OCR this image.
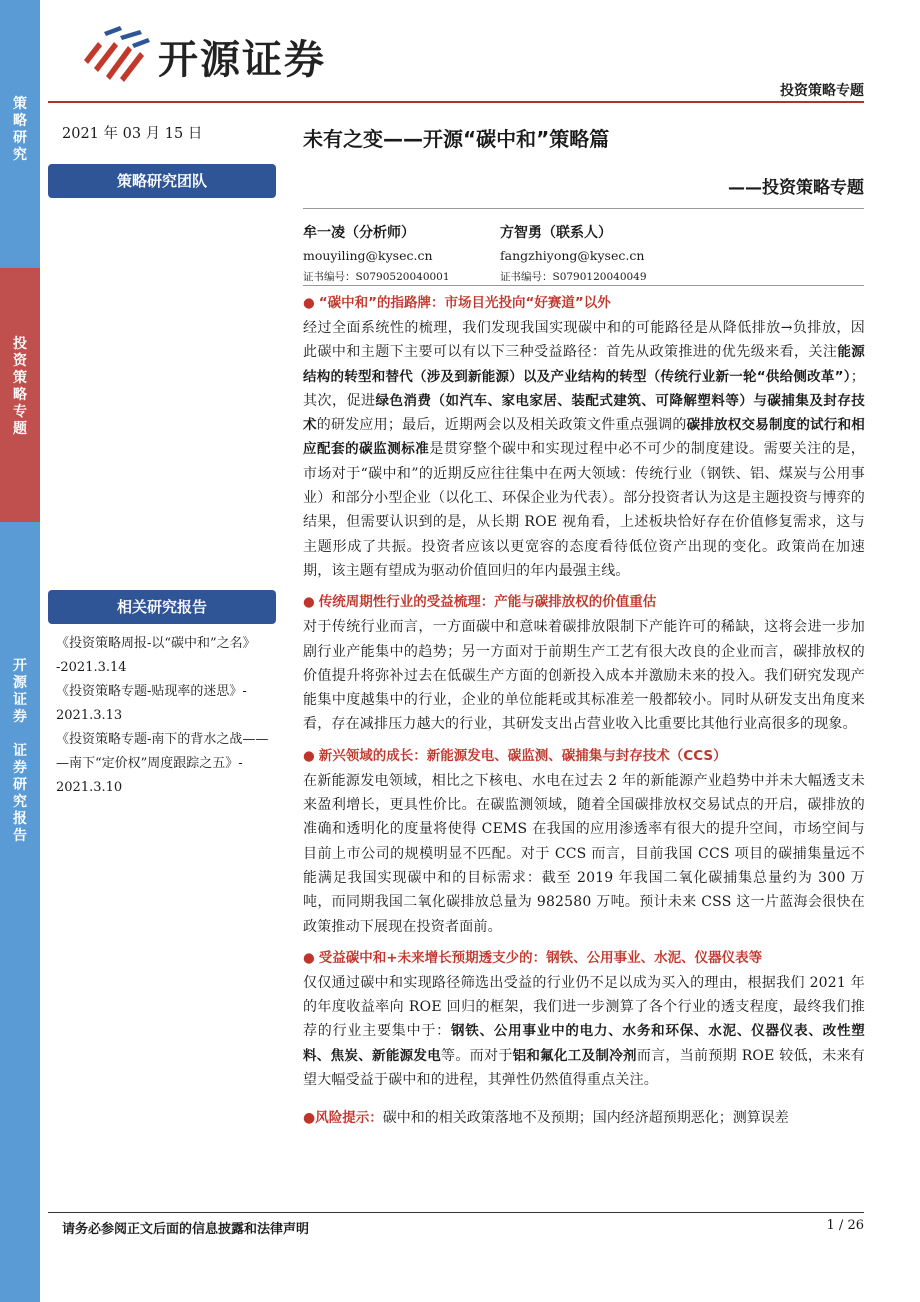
策
略
研
究
投
资
策
略
专
题
开
源
证
券

证
券
研
究
报
告
开源证券
投资策略专题
2021 年 03 月 15 日
策略研究团队
相关研究报告
《投资策略周报-以“碳中和”之名》
-2021.3.14
《投资策略专题-贴现率的迷思》-
2021.3.13
《投资策略专题-南下的背水之战——
—南下“定价权”周度跟踪之五》-
2021.3.10
未有之变——开源“碳中和”策略篇
——投资策略专题
牟一凌（分析师）
mouyiling@kysec.cn
证书编号：S0790520040001
方智勇（联系人）
fangzhiyong@kysec.cn
证书编号：S0790120040049
● “碳中和”的指路牌：市场目光投向“好赛道”以外

经过全面系统性的梳理，我们发现我国实现碳中和的可能路径是从降低排放→负排放，因此碳中和主题下主要可以有以下三种受益路径：首先从政策推进的优先级来看，关注能源结构的转型和替代（涉及到新能源）以及产业结构的转型（传统行业新一轮“供给侧改革”）；其次，促进绿色消费（如汽车、家电家居、装配式建筑、可降解塑料等）与碳捕集及封存技术的研发应用；最后，近期两会以及相关政策文件重点强调的碳排放权交易制度的试行和相应配套的碳监测标准是贯穿整个碳中和实现过程中必不可少的制度建设。需要关注的是，市场对于“碳中和”的近期反应往往集中在两大领域：传统行业（钢铁、铝、煤炭与公用事业）和部分小型企业（以化工、环保企业为代表）。部分投资者认为这是主题投资与博弈的结果，但需要认识到的是，从长期 ROE 视角看，上述板块恰好存在价值修复需求，这与主题形成了共振。投资者应该以更宽容的态度看待低位资产出现的变化。政策尚在加速期，该主题有望成为驱动价值回归的年内最强主线。

● 传统周期性行业的受益梳理：产能与碳排放权的价值重估

对于传统行业而言，一方面碳中和意味着碳排放限制下产能许可的稀缺，这将会进一步加剧行业产能集中的趋势；另一方面对于前期生产工艺有很大改良的企业而言，碳排放权的价值提升将弥补过去在低碳生产方面的创新投入成本并激励未来的投入。我们研究发现产能集中度越集中的行业，企业的单位能耗或其标准差一般都较小。同时从研发支出角度来看，存在减排压力越大的行业，其研发支出占营业收入比重要比其他行业高很多的现象。

● 新兴领域的成长：新能源发电、碳监测、碳捕集与封存技术（CCS）

在新能源发电领域，相比之下核电、水电在过去 2 年的新能源产业趋势中并未大幅透支未来盈利增长，更具性价比。在碳监测领域，随着全国碳排放权交易试点的开启，碳排放的准确和透明化的度量将使得 CEMS 在我国的应用渗透率有很大的提升空间，市场空间与目前上市公司的规模明显不匹配。对于 CCS 而言，目前我国 CCS 项目的碳捕集量远不能满足我国实现碳中和的目标需求：截至 2019 年我国二氧化碳捕集总量约为 300 万吨，而同期我国二氧化碳排放总量为 982580 万吨。预计未来 CSS 这一片蓝海会很快在政策推动下展现在投资者面前。

● 受益碳中和+未来增长预期透支少的：钢铁、公用事业、水泥、仪器仪表等

仅仅通过碳中和实现路径筛选出受益的行业仍不足以成为买入的理由，根据我们 2021 年的年度收益率向 ROE 回归的框架，我们进一步测算了各个行业的透支程度，最终我们推荐的行业主要集中于：钢铁、公用事业中的电力、水务和环保、水泥、仪器仪表、改性塑料、焦炭、新能源发电等。而对于铝和氟化工及制冷剂而言，当前预期 ROE 较低，未来有望大幅受益于碳中和的进程，其弹性仍然值得重点关注。

●风险提示：碳中和的相关政策落地不及预期；国内经济超预期恶化；测算误差
请务必参阅正文后面的信息披露和法律声明	1 / 26
